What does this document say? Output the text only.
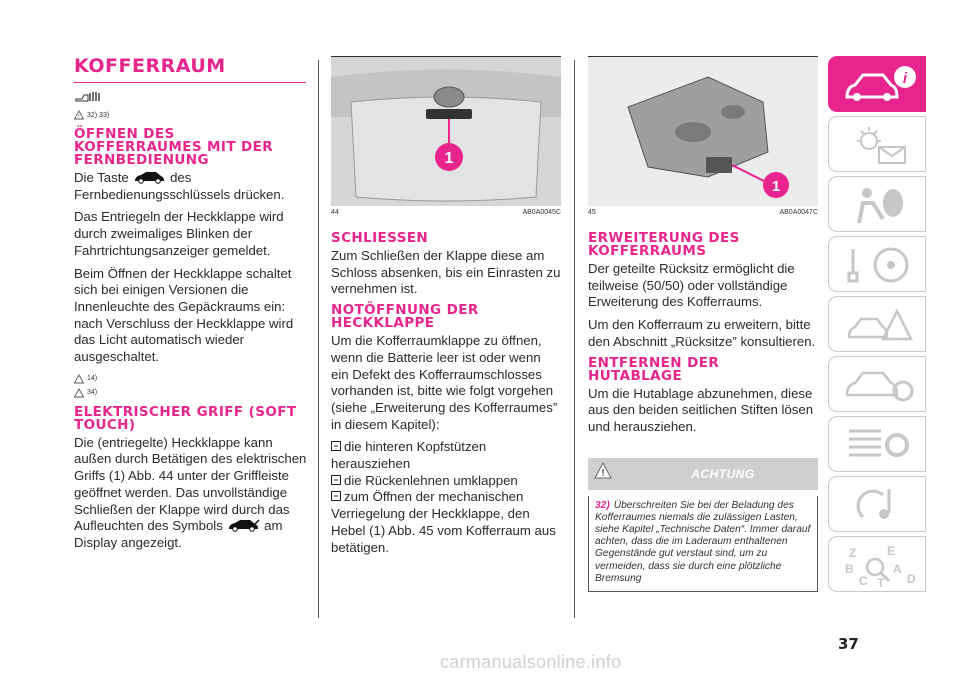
KOFFERRAUM
! 32) 33)
ÖFFNEN DES KOFFERRAUMES MIT DER FERNBEDIENUNG

Die Taste	des Fernbedienungsschlüssels drücken.

Das Entriegeln der Heckklappe wird durch zweimaliges Blinken der Fahrtrichtungsanzeiger gemeldet.

Beim Öffnen der Heckklappe schaltet sich bei einigen Versionen die Innenleuchte des Gepäckraums ein: nach Verschluss der Heckklappe wird das Licht automatisch wieder ausgeschaltet.

14)
34)
ELEKTRISCHER GRIFF (SOFT TOUCH)

Die (entriegelte) Heckklappe kann außen durch Betätigen des elektrischen Griffs (1) Abb. 44 unter der Griffleiste geöffnet werden. Das unvollständige Schließen der Klappe wird durch das Aufleuchten des Symbols	am Display angezeigt.

1
44	AB0A0045C
SCHLIESSEN

Zum Schließen der Klappe diese am Schloss absenken, bis ein Einrasten zu vernehmen ist.

NOTÖFFNUNG DER HECKKLAPPE

Um die Kofferraumklappe zu öffnen, wenn die Batterie leer ist oder wenn ein Defekt des Kofferraumschlosses vorhanden ist, bitte wie folgt vorgehen (siehe „Erweiterung des Kofferraumes” in diesem Kapitel):

die hinteren Kopfstützen herausziehen
die Rückenlehnen umklappen
zum Öffnen der mechanischen Verriegelung der Heckklappe, den Hebel (1) Abb. 45 vom Kofferraum aus betätigen.
1
45	AB0A0047C
ERWEITERUNG DES KOFFERRAUMS

Der geteilte Rücksitz ermöglicht die teilweise (50/50) oder vollständige Erweiterung des Kofferraums.

Um den Kofferraum zu erweitern, bitte den Abschnitt „Rücksitze” konsultieren.

ENTFERNEN DER HUTABLAGE

Um die Hutablage abzunehmen, diese aus den beiden seitlichen Stiften lösen und herausziehen.

!	ACHTUNG

32) Überschreiten Sie bei der Beladung des Kofferraumes niemals die zulässigen Lasten, siehe Kapitel „Technische Daten“. Immer darauf achten, dass die im Laderaum enthaltenen Gegenstände gut verstaut sind, um zu vermeiden, dass sie durch eine plötzliche Bremsung

i
Z	E
B	A
C T D
37
carmanualsonline.info
